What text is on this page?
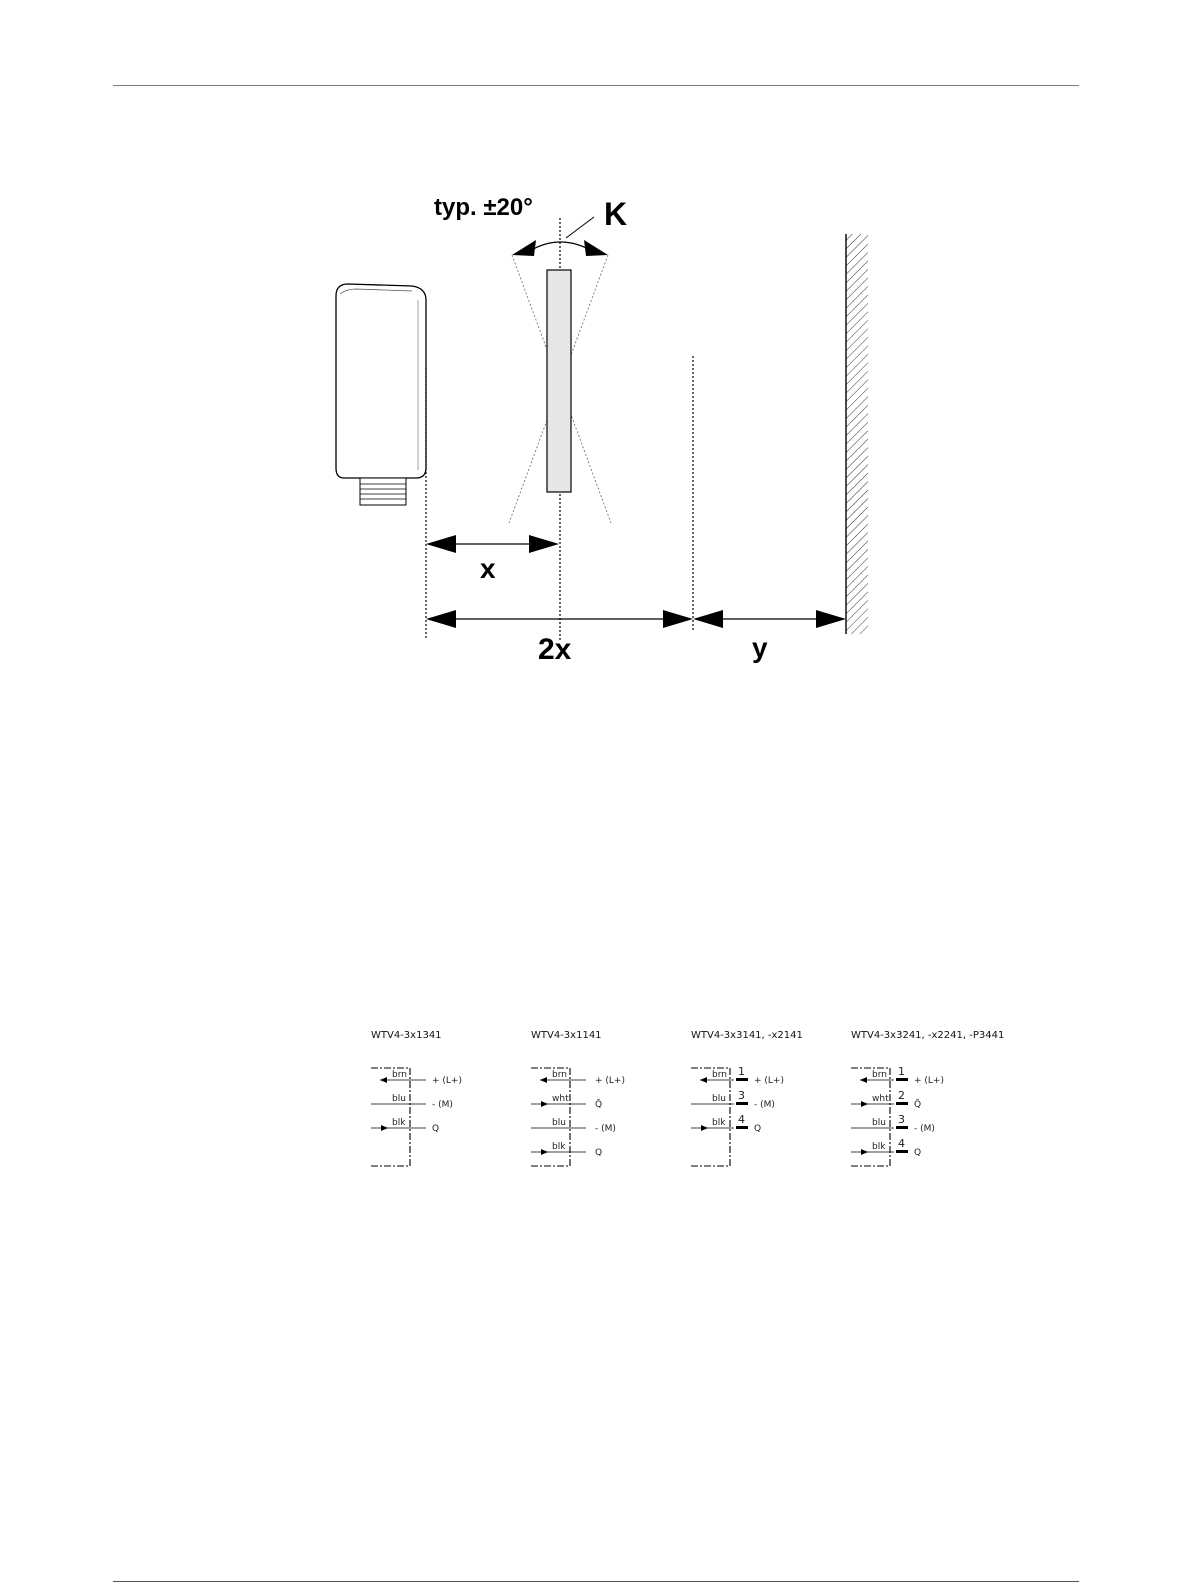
typ. ±20° K
x
2x	y
WTV4-3x1341	WTV4-3x1141	WTV4-3x3141, -x2141	WTV4-3x3241, -x2241, -P3441
brn
+ (L+)
blu
- (M)
blk
Q
brn
+ (L+)
wht
Q̄
blu
- (M)
blk
Q
brn 1
+ (L+)
blu 3
- (M)
blk 4
Q
brn 1
+ (L+)
wht 2
Q̄
blu 3
- (M)
blk 4
Q
